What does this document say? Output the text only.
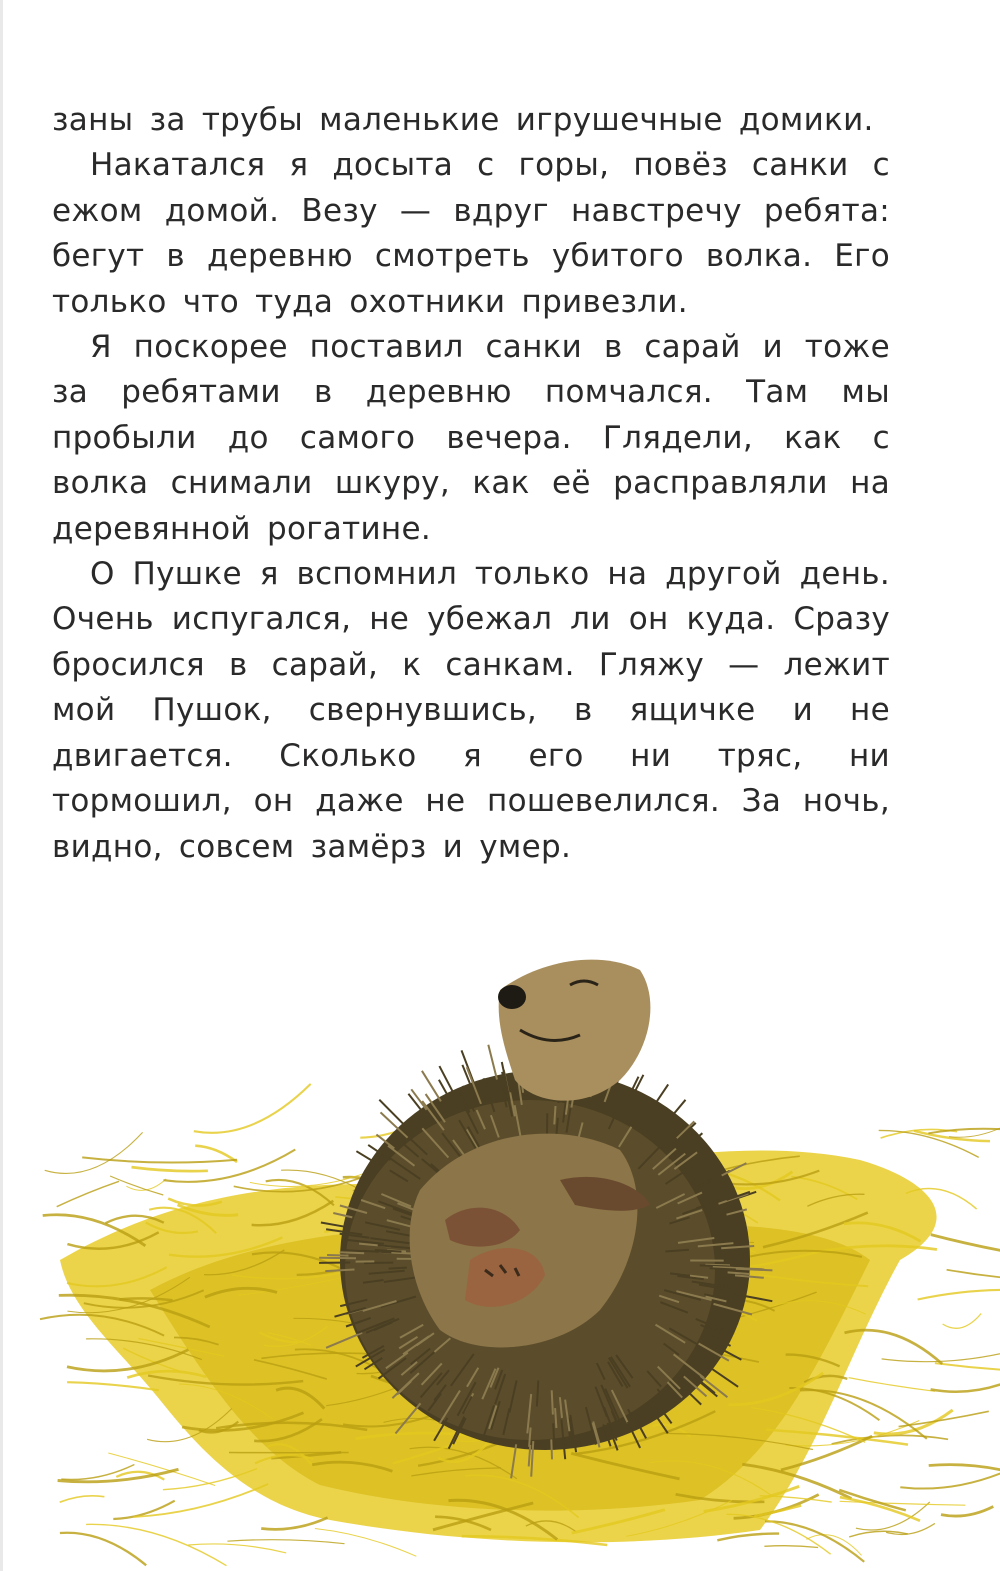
заны за трубы маленькие игрушечные домики.

Накатался я досыта с горы, повёз санки с ежом домой. Везу — вдруг навстречу ребята: бегут в деревню смотреть убитого волка. Его только что туда охотники привезли.

Я поскорее поставил санки в сарай и тоже за ребятами в деревню помчался. Там мы пробыли до самого вечера. Глядели, как с волка снимали шкуру, как её расправляли на деревянной рогатине.

О Пушке я вспомнил только на другой день. Очень испугался, не убежал ли он куда. Сразу бросился в сарай, к санкам. Гляжу — лежит мой Пушок, свернувшись, в ящичке и не двигается. Сколько я его ни тряс, ни тормошил, он даже не пошевелился. За ночь, видно, совсем замёрз и умер.
